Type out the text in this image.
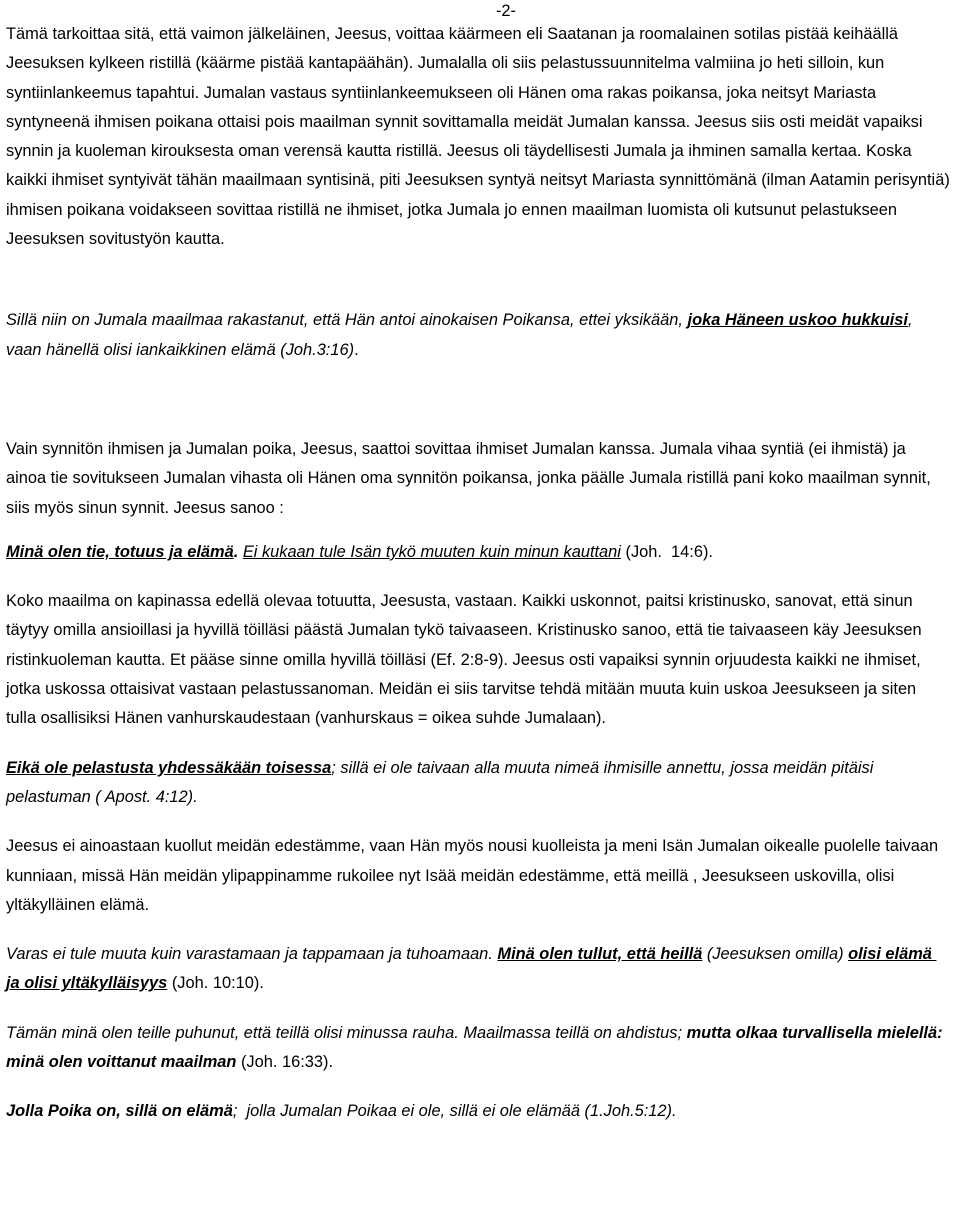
-2-

Tämä tarkoittaa sitä, että vaimon jälkeläinen, Jeesus, voittaa käärmeen eli Saatanan ja roomalainen sotilas pistää keihäällä Jeesuksen kylkeen ristillä (käärme pistää kantapäähän). Jumalalla oli siis pelastussuunnitelma valmiina jo heti silloin, kun syntiinlankeemus tapahtui. Jumalan vastaus syntiinlankeemukseen oli Hänen oma rakas poikansa, joka neitsyt Mariasta syntyneenä ihmisen poikana ottaisi pois maailman synnit sovittamalla meidät Jumalan kanssa. Jeesus siis osti meidät vapaiksi synnin ja kuoleman kirouksesta oman verensä kautta ristillä. Jeesus oli täydellisesti Jumala ja ihminen samalla kertaa. Koska kaikki ihmiset syntyivät tähän maailmaan syntisinä, piti Jeesuksen syntyä neitsyt Mariasta synnittömänä (ilman Aatamin perisyntiä) ihmisen poikana voidakseen sovittaa ristillä ne ihmiset, jotka Jumala jo ennen maailman luomista oli kutsunut pelastukseen Jeesuksen sovitustyön kautta.

Sillä niin on Jumala maailmaa rakastanut, että Hän antoi ainokaisen Poikansa, ettei yksikään, joka Häneen uskoo hukkuisi, vaan hänellä olisi iankaikkinen elämä (Joh.3:16).

Vain synnitön ihmisen ja Jumalan poika, Jeesus, saattoi sovittaa ihmiset Jumalan kanssa. Jumala vihaa syntiä (ei ihmistä) ja ainoa tie sovitukseen Jumalan vihasta oli Hänen oma synnitön poikansa, jonka päälle Jumala ristillä pani koko maailman synnit, siis myös sinun synnit. Jeesus sanoo :

Minä olen tie, totuus ja elämä. Ei kukaan tule Isän tykö muuten kuin minun kauttani (Joh.  14:6).

Koko maailma on kapinassa edellä olevaa totuutta, Jeesusta, vastaan. Kaikki uskonnot, paitsi kristinusko, sanovat, että sinun täytyy omilla ansioillasi ja hyvillä töilläsi päästä Jumalan tykö taivaaseen. Kristinusko sanoo, että tie taivaaseen käy Jeesuksen ristinkuoleman kautta. Et pääse sinne omilla hyvillä töilläsi (Ef. 2:8-9). Jeesus osti vapaiksi synnin orjuudesta kaikki ne ihmiset, jotka uskossa ottaisivat vastaan pelastussanoman. Meidän ei siis tarvitse tehdä mitään muuta kuin uskoa Jeesukseen ja siten tulla osallisiksi Hänen vanhurskaudestaan (vanhurskaus = oikea suhde Jumalaan).

Eikä ole pelastusta yhdessäkään toisessa; sillä ei ole taivaan alla muuta nimeä ihmisille annettu, jossa meidän pitäisi pelastuman ( Apost. 4:12).

Jeesus ei ainoastaan kuollut meidän edestämme, vaan Hän myös nousi kuolleista ja meni Isän Jumalan oikealle puolelle taivaan kunniaan, missä Hän meidän ylipappinamme rukoilee nyt Isää meidän edestämme, että meillä , Jeesukseen uskovilla, olisi yltäkylläinen elämä.

Varas ei tule muuta kuin varastamaan ja tappamaan ja tuhoamaan. Minä olen tullut, että heillä (Jeesuksen omilla) olisi elämä ja olisi yltäkylläisyys (Joh. 10:10).

Tämän minä olen teille puhunut, että teillä olisi minussa rauha. Maailmassa teillä on ahdistus; mutta olkaa turvallisella mielellä: minä olen voittanut maailman (Joh. 16:33).

Jolla Poika on, sillä on elämä;  jolla Jumalan Poikaa ei ole, sillä ei ole elämää (1.Joh.5:12).
